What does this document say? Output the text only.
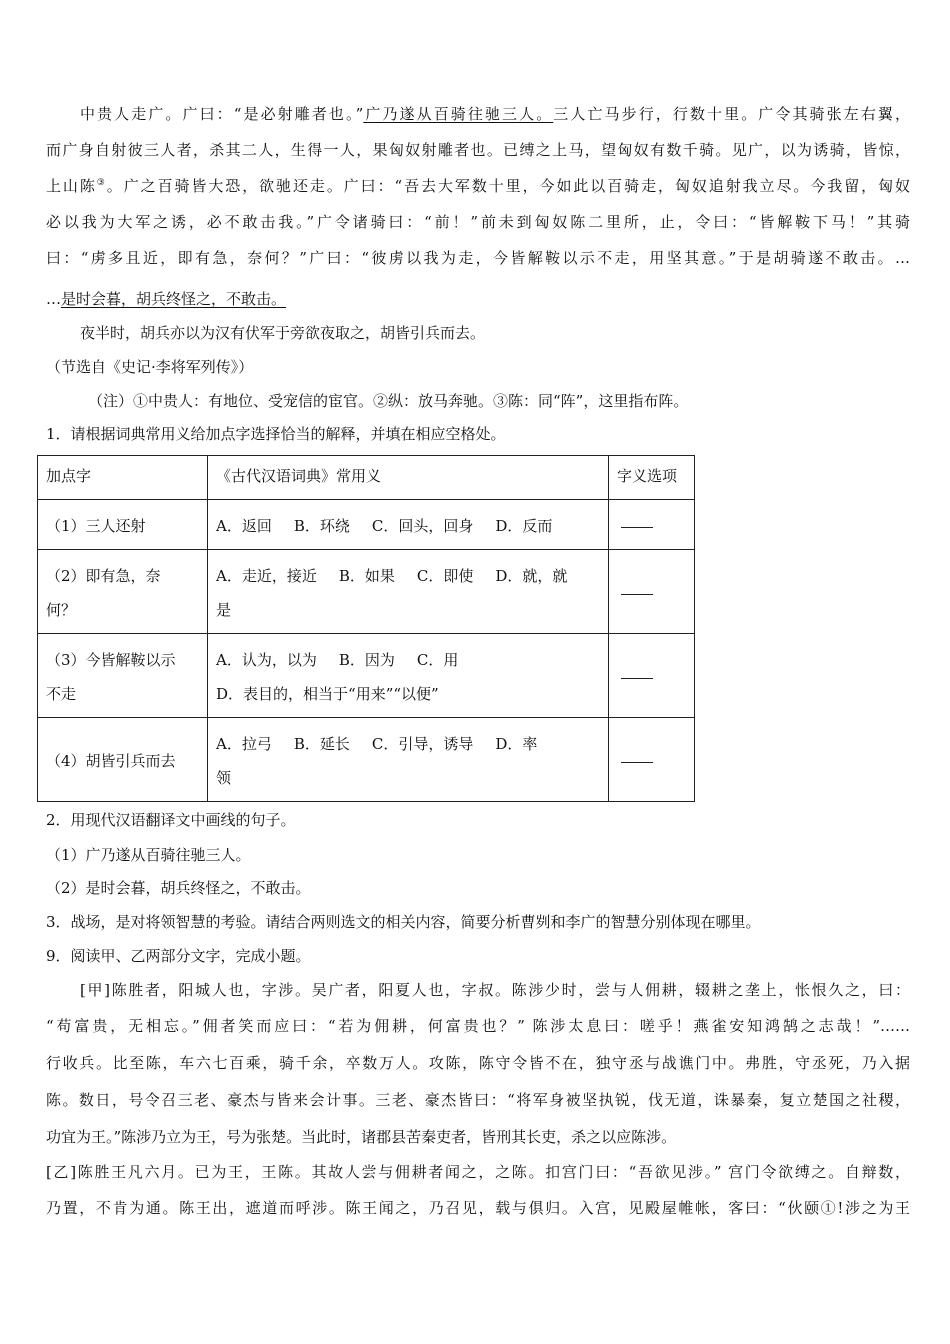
中贵人走广。广曰：“是必射雕者也。”广乃遂从百骑往驰三人。三人亡马步行，行数十里。广令其骑张左右翼，
而广身自射彼三人者，杀其二人，生得一人，果匈奴射雕者也。已缚之上马，望匈奴有数千骑。见广，以为诱骑，皆惊，
上山陈③。广之百骑皆大恐，欲驰还走。广曰：“吾去大军数十里，今如此以百骑走，匈奴追射我立尽。今我留，匈奴
必以我为大军之诱，必不敢击我。”广令诸骑曰：“前！”前未到匈奴陈二里所，止，令曰：“皆解鞍下马！”其骑
曰：“虏多且近，即有急，奈何？”广曰：“彼虏以我为走，今皆解鞍以示不走，用坚其意。”于是胡骑遂不敢击。…
…是时会暮，胡兵终怪之，不敢击。
夜半时，胡兵亦以为汉有伏军于旁欲夜取之，胡皆引兵而去。
（节选自《史记·李将军列传》）
（注）①中贵人：有地位、受宠信的宦官。②纵：放马奔驰。③陈：同“阵”，这里指布阵。
1．请根据词典常用义给加点字选择恰当的解释，并填在相应空格处。
加点字	《古代汉语词典》常用义	字义选项
（1）三人还射	A．返回 B．环绕 C．回头，回身 D．反而	
（2）即有急，奈
何？	A．走近，接近 B．如果 C．即使 D．就，就
是	
（3）今皆解鞍以示
不走	A．认为，以为 B．因为 C．用
D．表目的，相当于“用来”“以便”	
（4）胡皆引兵而去	A．拉弓 B．延长 C．引导，诱导 D．率
领	
2．用现代汉语翻译文中画线的句子。
（1）广乃遂从百骑往驰三人。
（2）是时会暮，胡兵终怪之，不敢击。
3．战场，是对将领智慧的考验。请结合两则选文的相关内容，简要分析曹刿和李广的智慧分别体现在哪里。
9．阅读甲、乙两部分文字，完成小题。
[甲]陈胜者，阳城人也，字涉。吴广者，阳夏人也，字叔。陈涉少时，尝与人佣耕，辍耕之垄上，怅恨久之，曰：
“苟富贵，无相忘。”佣者笑而应曰：“若为佣耕，何富贵也？” 陈涉太息曰：嗟乎！燕雀安知鸿鹄之志哉！”……
行收兵。比至陈，车六七百乘，骑千余，卒数万人。攻陈，陈守令皆不在，独守丞与战谯门中。弗胜，守丞死，乃入据
陈。数日，号令召三老、豪杰与皆来会计事。三老、豪杰皆曰：“将军身被坚执锐，伐无道，诛暴秦，复立楚国之社稷，
功宜为王。”陈涉乃立为王，号为张楚。当此时，诸郡县苦秦吏者，皆刑其长吏，杀之以应陈涉。
[乙]陈胜王凡六月。已为王，王陈。其故人尝与佣耕者闻之，之陈。扣宫门曰：“吾欲见涉。” 宫门令欲缚之。自辩数，
乃置，不肯为通。陈王出，遮道而呼涉。陈王闻之，乃召见，载与俱归。入宫，见殿屋帷帐，客曰：“伙颐①!涉之为王
